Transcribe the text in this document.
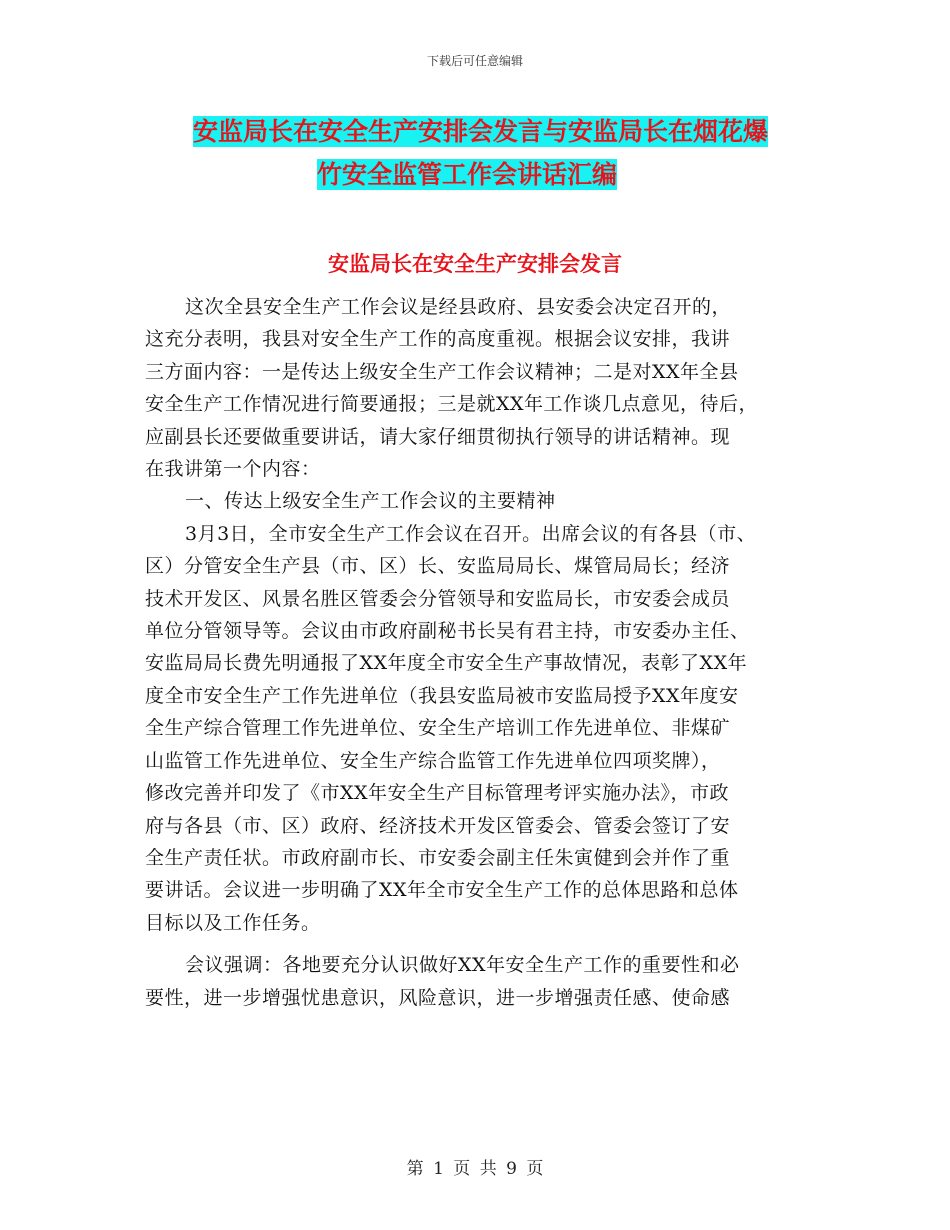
下载后可任意编辑
安监局长在安全生产安排会发言与安监局长在烟花爆
竹安全监管工作会讲话汇编
安监局长在安全生产安排会发言

这次全县安全生产工作会议是经县政府、县安委会决定召开的，
这充分表明，我县对安全生产工作的高度重视。根据会议安排，我讲
三方面内容：一是传达上级安全生产工作会议精神；二是对XX年全县
安全生产工作情况进行简要通报；三是就XX年工作谈几点意见，待后，
应副县长还要做重要讲话，请大家仔细贯彻执行领导的讲话精神。现
在我讲第一个内容：

一、传达上级安全生产工作会议的主要精神

3月3日，全市安全生产工作会议在召开。出席会议的有各县（市、
区）分管安全生产县（市、区）长、安监局局长、煤管局局长；经济
技术开发区、风景名胜区管委会分管领导和安监局长，市安委会成员
单位分管领导等。会议由市政府副秘书长吴有君主持，市安委办主任、
安监局局长费先明通报了XX年度全市安全生产事故情况，表彰了XX年
度全市安全生产工作先进单位（我县安监局被市安监局授予XX年度安
全生产综合管理工作先进单位、安全生产培训工作先进单位、非煤矿
山监管工作先进单位、安全生产综合监管工作先进单位四项奖牌），
修改完善并印发了《市XX年安全生产目标管理考评实施办法》，市政
府与各县（市、区）政府、经济技术开发区管委会、管委会签订了安
全生产责任状。市政府副市长、市安委会副主任朱寅健到会并作了重
要讲话。会议进一步明确了XX年全市安全生产工作的总体思路和总体
目标以及工作任务。

会议强调：各地要充分认识做好XX年安全生产工作的重要性和必
要性，进一步增强忧患意识，风险意识，进一步增强责任感、使命感

第 1 页 共 9 页
